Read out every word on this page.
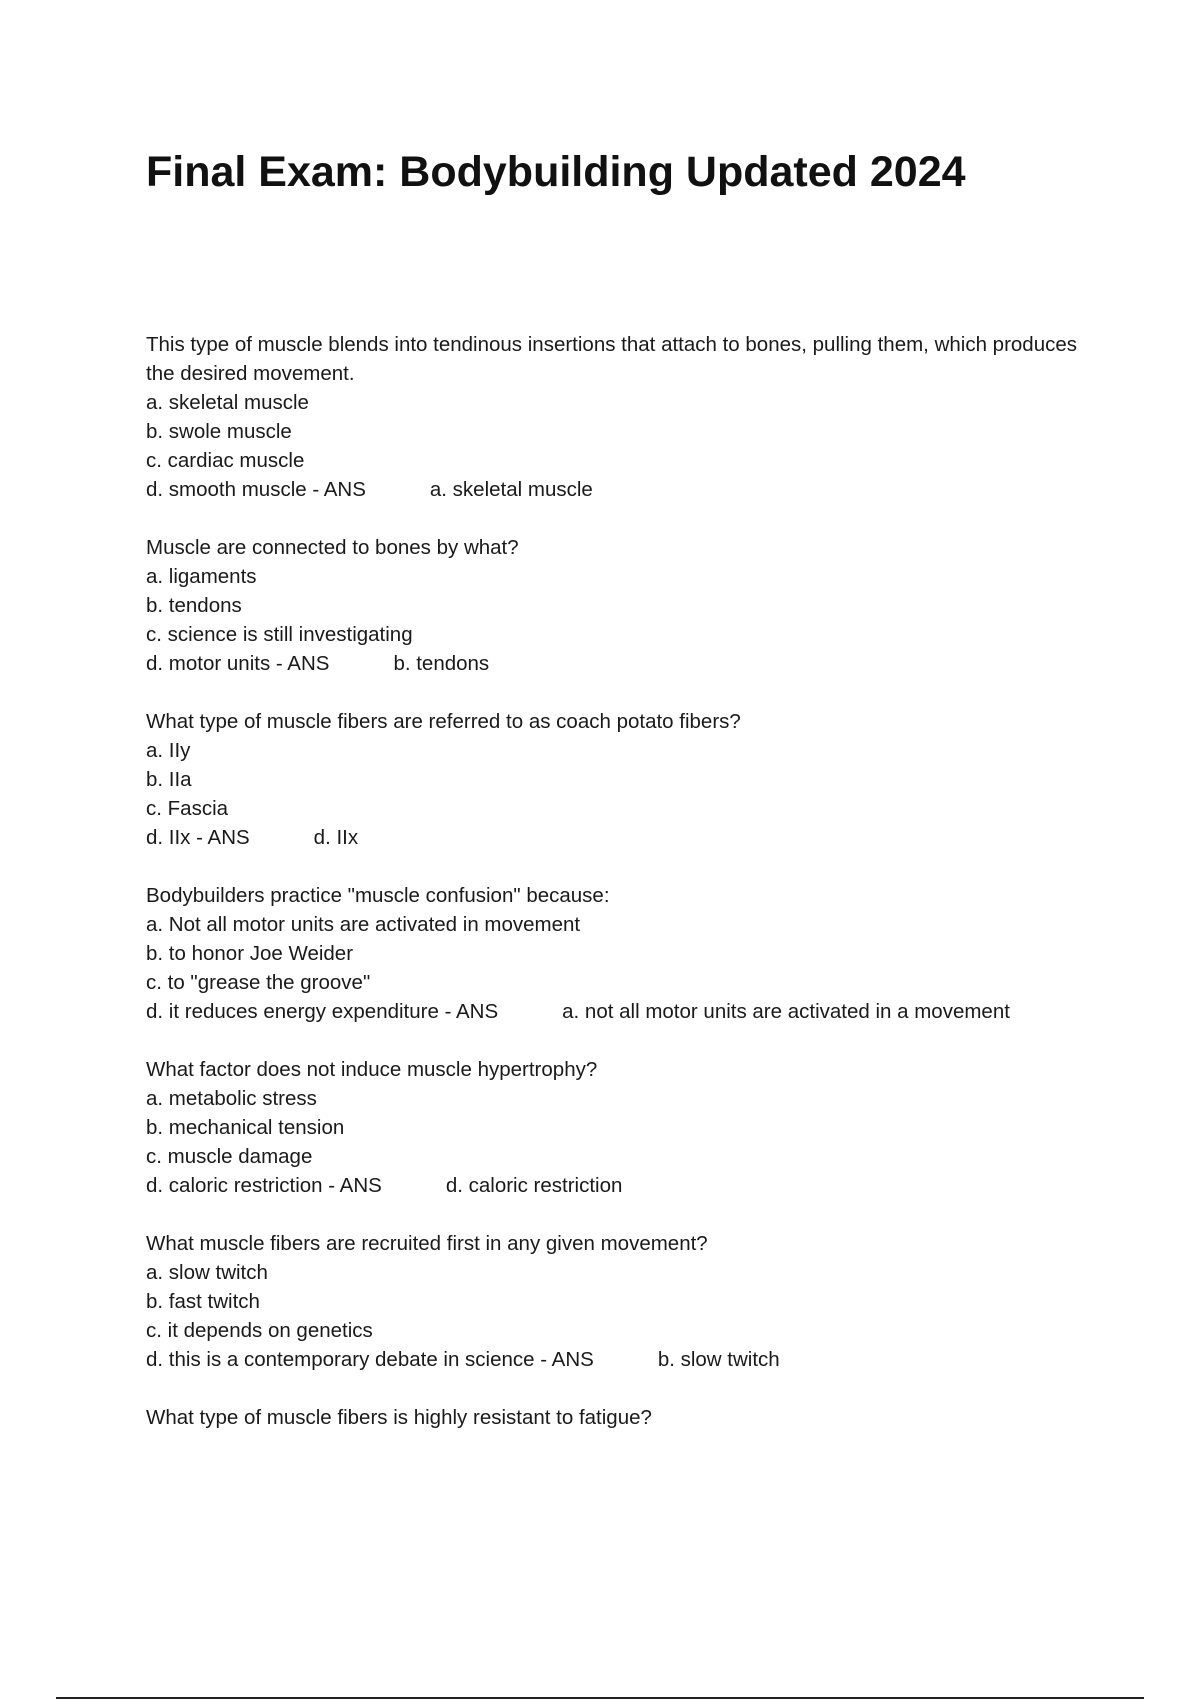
Final Exam: Bodybuilding Updated 2024
This type of muscle blends into tendinous insertions that attach to bones, pulling them, which produces the desired movement.
a. skeletal muscle
b. swole muscle
c. cardiac muscle
d. smooth muscle - ANS	a. skeletal muscle
Muscle are connected to bones by what?
a. ligaments
b. tendons
c. science is still investigating
d. motor units - ANS	b. tendons
What type of muscle fibers are referred to as coach potato fibers?
a. IIy
b. IIa
c. Fascia
d. IIx - ANS	d. IIx
Bodybuilders practice "muscle confusion" because:
a. Not all motor units are activated in movement
b. to honor Joe Weider
c. to "grease the groove"
d. it reduces energy expenditure - ANS	a. not all motor units are activated in a movement
What factor does not induce muscle hypertrophy?
a. metabolic stress
b. mechanical tension
c. muscle damage
d. caloric restriction - ANS	d. caloric restriction
What muscle fibers are recruited first in any given movement?
a. slow twitch
b. fast twitch
c. it depends on genetics
d. this is a contemporary debate in science - ANS	b. slow twitch
What type of muscle fibers is highly resistant to fatigue?
